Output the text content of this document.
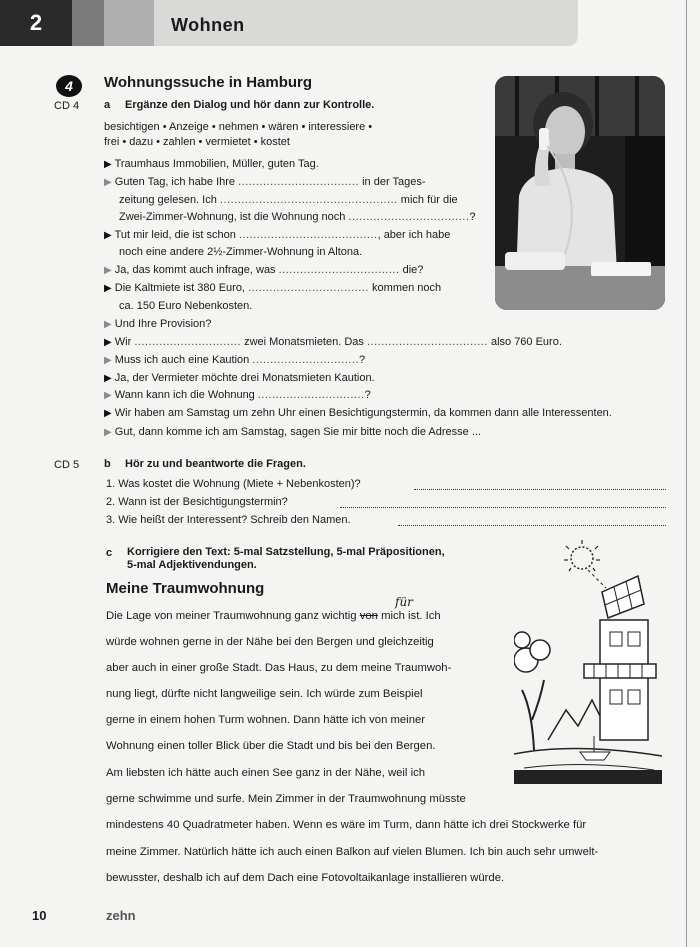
2	Wohnen
4	Wohnungssuche in Hamburg
CD 4 a Ergänze den Dialog und hör dann zur Kontrolle.
besichtigen • Anzeige • nehmen • wären • interessiere •
frei • dazu • zahlen • vermietet • kostet
▶ Traumhaus Immobilien, Müller, guten Tag.
▶ Guten Tag, ich habe Ihre .................................. in der Tages-
zeitung gelesen. Ich .................................................. mich für die
Zwei-Zimmer-Wohnung, ist die Wohnung noch ..................................?
▶ Tut mir leid, die ist schon ......................................., aber ich habe
noch eine andere 2½-Zimmer-Wohnung in Altona.
▶ Ja, das kommt auch infrage, was .................................. die?
▶ Die Kaltmiete ist 380 Euro, .................................. kommen noch
ca. 150 Euro Nebenkosten.
▶ Und Ihre Provision?
▶ Wir .............................. zwei Monatsmieten. Das .................................. also 760 Euro.
▶ Muss ich auch eine Kaution ..............................?
▶ Ja, der Vermieter möchte drei Monatsmieten Kaution.
▶ Wann kann ich die Wohnung ..............................?
▶ Wir haben am Samstag um zehn Uhr einen Besichtigungstermin, da kommen dann alle Interessenten.
▶ Gut, dann komme ich am Samstag, sagen Sie mir bitte noch die Adresse ...
CD 5 b Hör zu und beantworte die Fragen.
1. Was kostet die Wohnung (Miete + Nebenkosten)?
2. Wann ist der Besichtigungstermin?
3. Wie heißt der Interessent? Schreib den Namen.
c Korrigiere den Text: 5-mal Satzstellung, 5-mal Präpositionen,
5-mal Adjektivendungen.
Meine Traumwohnung
für
Die Lage von meiner Traumwohnung ganz wichtig von mich ist. Ich
würde wohnen gerne in der Nähe bei den Bergen und gleichzeitig
aber auch in einer große Stadt. Das Haus, zu dem meine Traumwoh-
nung liegt, dürfte nicht langweilige sein. Ich würde zum Beispiel
gerne in einem hohen Turm wohnen. Dann hätte ich von meiner
Wohnung einen toller Blick über die Stadt und bis bei den Bergen.
Am liebsten ich hätte auch einen See ganz in der Nähe, weil ich
gerne schwimme und surfe. Mein Zimmer in der Traumwohnung müsste
mindestens 40 Quadratmeter haben. Wenn es wäre im Turm, dann hätte ich drei Stockwerke für
meine Zimmer. Natürlich hätte ich auch einen Balkon auf vielen Blumen. Ich bin auch sehr umwelt-
bewusster, deshalb ich auf dem Dach eine Fotovoltaikanlage installieren würde.
10	zehn
